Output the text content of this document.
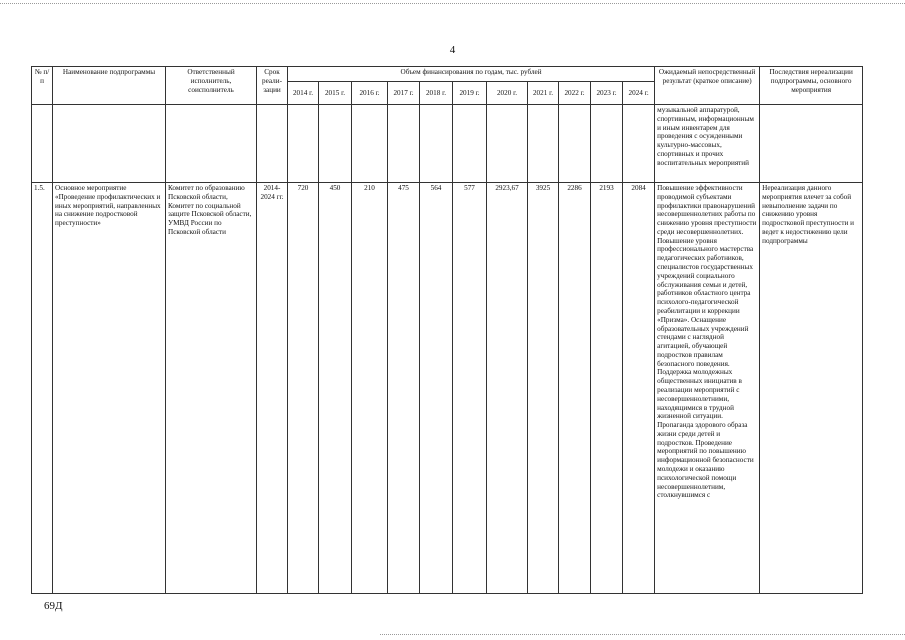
4
№ п/п	Наименование подпрограммы	Ответственный исполнитель, соисполнитель	Срок реали-зации	Объем финансирования по годам, тыс. рублей											Ожидаемый непосредственный результат (краткое описание)	Последствия нереализации подпрограммы, основного мероприятия
				2014 г.	2015 г.	2016 г.	2017 г.	2018 г.	2019 г.	2020 г.	2021 г.	2022 г.	2023 г.	2024 г.		
															музыкальной аппаратурой, спортивным, информационным и иным инвентарем для проведения с осужденными культурно-массовых, спортивных и прочих воспитательных мероприятий	
1.5.	Основное мероприятие «Проведение профилактических и иных мероприятий, направленных на снижение подростковой преступности»	Комитет по образованию Псковской области, Комитет по социальной защите Псковской области, УМВД России по Псковской области	2014-2024 гг.	720	450	210	475	564	577	2923,67	3925	2286	2193	2084	Повышение эффективности проводимой субъектами профилактики правонарушений несовершеннолетних работы по снижению уровня преступности среди несовершеннолетних. Повышение уровня профессионального мастерства педагогических работников, специалистов государственных учреждений социального обслуживания семьи и детей, работников областного центра психолого-педагогической реабилитации и коррекции «Призма». Оснащение образовательных учреждений стендами с наглядной агитацией, обучающей подростков правилам безопасного поведения. Поддержка молодежных общественных инициатив в реализации мероприятий с несовершеннолетними, находящимися в трудной жизненной ситуации. Пропаганда здорового образа жизни среди детей и подростков. Проведение мероприятий по повышению информационной безопасности молодежи и оказанию психологической помощи несовершеннолетним, столкнувшимся с	Нереализация данного мероприятия влечет за собой невыполнение задачи по снижению уровня подростковой преступности и ведет к недостижению цели подпрограммы
69Д
